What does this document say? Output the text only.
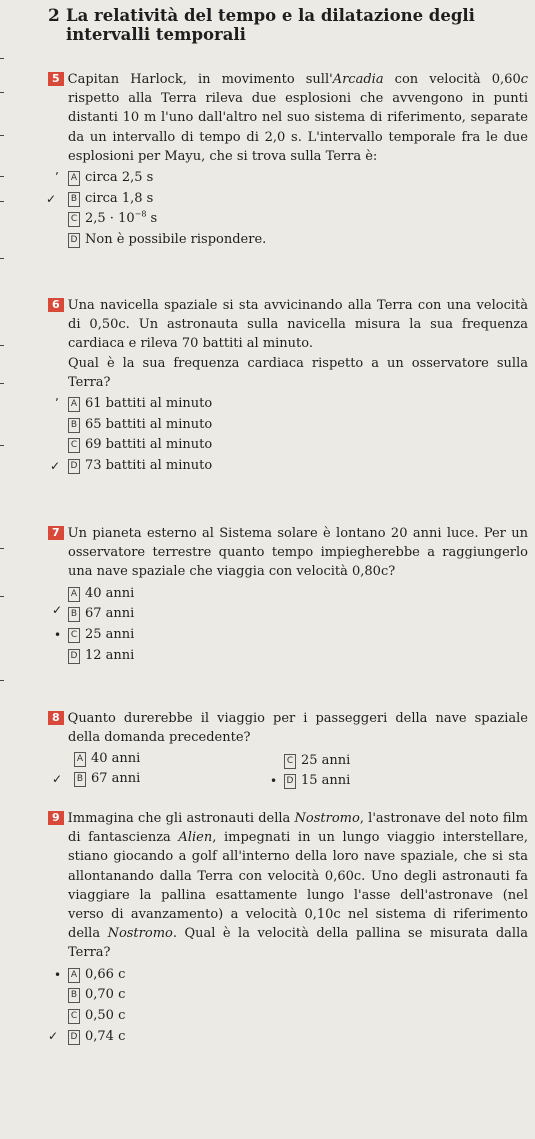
2 La relatività del tempo e la dilatazione degli intervalli temporali

5 Capitan Harlock, in movimento sull'Arcadia con velocità 0,60c rispetto alla Terra rileva due esplosioni che avvengono in punti distanti 10 m l'uno dall'altro nel suo sistema di riferimento, separate da un intervallo di tempo di 2,0 s. L'intervallo temporale fra le due esplosioni per Mayu, che si trova sulla Terra è:

ʼ A circa 2,5 s
✓ B circa 1,8 s
C $2,5 \cdot 10^{-8}$ s
D Non è possibile rispondere.

6 Una navicella spaziale si sta avvicinando alla Terra con una velocità di 0,50c. Un astronauta sulla navicella misura la sua frequenza cardiaca e rileva 70 battiti al minuto.

Qual è la sua frequenza cardiaca rispetto a un osservatore sulla Terra?

ʼ A 61 battiti al minuto
B 65 battiti al minuto
C 69 battiti al minuto
✓ D 73 battiti al minuto

7 Un pianeta esterno al Sistema solare è lontano 20 anni luce. Per un osservatore terrestre quanto tempo impiegherebbe a raggiungerlo una nave spaziale che viaggia con velocità 0,80c?

A 40 anni
✓ B 67 anni
• C 25 anni
D 12 anni

8 Quanto durerebbe il viaggio per i passeggeri della nave spaziale della domanda precedente?

A 40 anni
✓ B 67 anni
C 25 anni
• D 15 anni

9 Immagina che gli astronauti della Nostromo, l'astronave del noto film di fantascienza Alien, impegnati in un lungo viaggio interstellare, stiano giocando a golf all'interno della loro nave spaziale, che si sta allontanando dalla Terra con velocità 0,60c. Uno degli astronauti fa viaggiare la pallina esattamente lungo l'asse dell'astronave (nel verso di avanzamento) a velocità 0,10c nel sistema di riferimento della Nostromo. Qual è la velocità della pallina se misurata dalla Terra?

• A 0,66 c
B 0,70 c
C 0,50 c
✓ D 0,74 c
